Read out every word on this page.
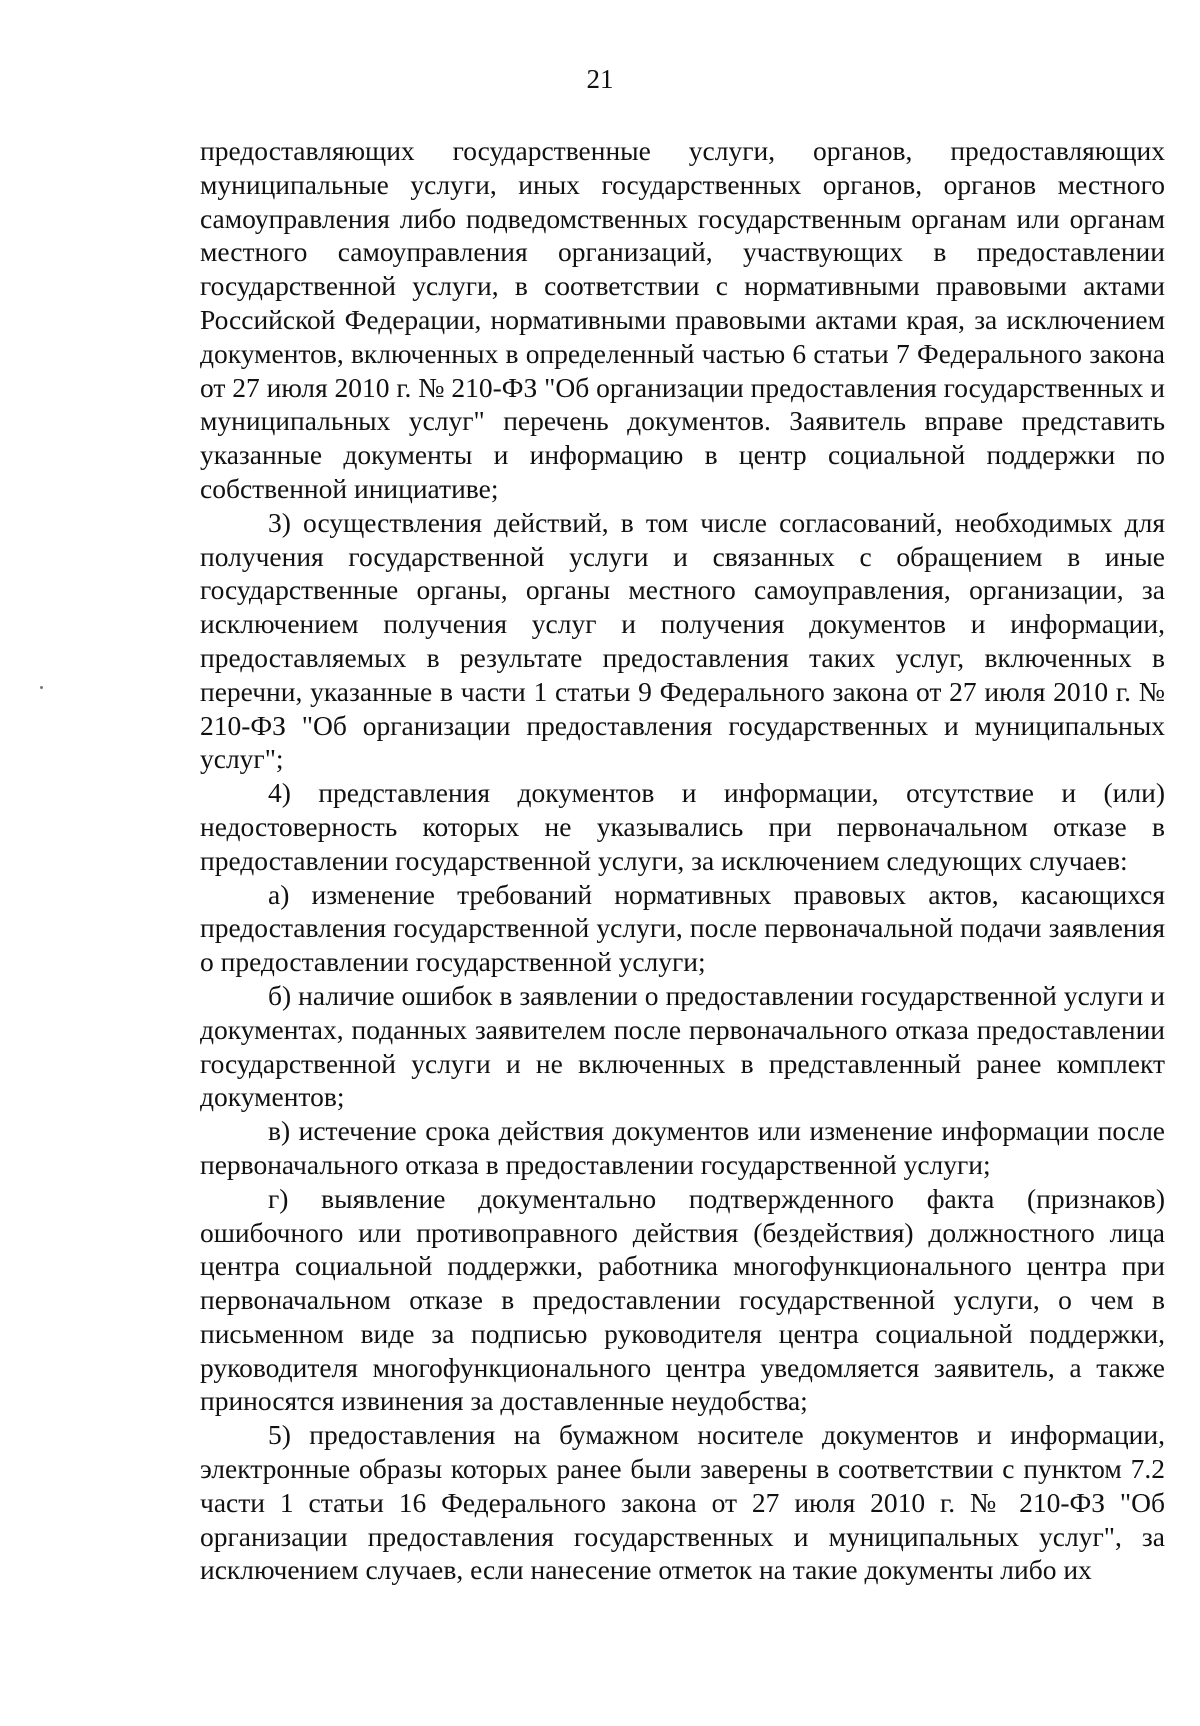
21

предоставляющих государственные услуги, органов, предоставляющих муниципальные услуги, иных государственных органов, органов местного самоуправления либо подведомственных государственным органам или органам местного самоуправления организаций, участвующих в предоставлении государственной услуги, в соответствии с нормативными правовыми актами Российской Федерации, нормативными правовыми актами края, за исключением документов, включенных в определенный частью 6 статьи 7 Федерального закона от 27 июля 2010 г. № 210-ФЗ "Об организации предоставления государственных и муниципальных услуг" перечень документов. Заявитель вправе представить указанные документы и информацию в центр социальной поддержки по собственной инициативе;

3) осуществления действий, в том числе согласований, необходимых для получения государственной услуги и связанных с обращением в иные государственные органы, органы местного самоуправления, организации, за исключением получения услуг и получения документов и информации, предоставляемых в результате предоставления таких услуг, включенных в перечни, указанные в части 1 статьи 9 Федерального закона от 27 июля 2010 г. № 210-ФЗ "Об организации предоставления государственных и муниципальных услуг";

4) представления документов и информации, отсутствие и (или) недостоверность которых не указывались при первоначальном отказе в предоставлении государственной услуги, за исключением следующих случаев:

а) изменение требований нормативных правовых актов, касающихся предоставления государственной услуги, после первоначальной подачи заявления о предоставлении государственной услуги;

б) наличие ошибок в заявлении о предоставлении государственной услуги и документах, поданных заявителем после первоначального отказа предоставлении государственной услуги и не включенных в представленный ранее комплект документов;

в) истечение срока действия документов или изменение информации после первоначального отказа в предоставлении государственной услуги;

г) выявление документально подтвержденного факта (признаков) ошибочного или противоправного действия (бездействия) должностного лица центра социальной поддержки, работника многофункционального центра при первоначальном отказе в предоставлении государственной услуги, о чем в письменном виде за подписью руководителя центра социальной поддержки, руководителя многофункционального центра уведомляется заявитель, а также приносятся извинения за доставленные неудобства;

5) предоставления на бумажном носителе документов и информации, электронные образы которых ранее были заверены в соответствии с пунктом 7.2 части 1 статьи 16 Федерального закона от 27 июля 2010 г. № 210-ФЗ "Об организации предоставления государственных и муниципальных услуг", за исключением случаев, если нанесение отметок на такие документы либо их
